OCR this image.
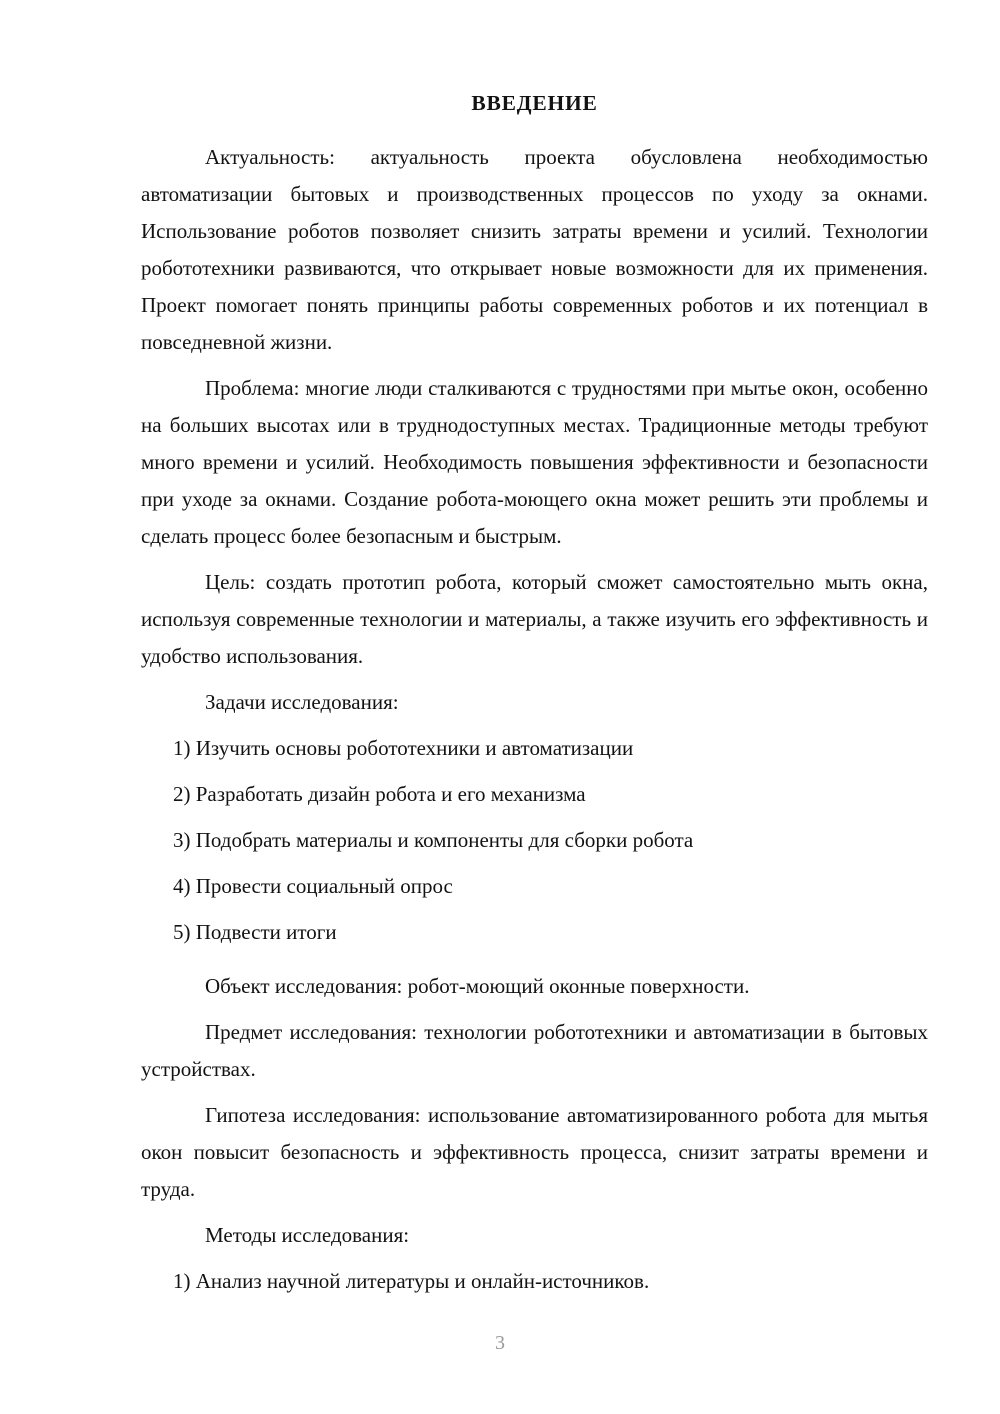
ВВЕДЕНИЕ

Актуальность: актуальность проекта обусловлена необходимостью автоматизации бытовых и производственных процессов по уходу за окнами. Использование роботов позволяет снизить затраты времени и усилий. Технологии робототехники развиваются, что открывает новые возможности для их применения. Проект помогает понять принципы работы современных роботов и их потенциал в повседневной жизни.

Проблема: многие люди сталкиваются с трудностями при мытье окон, особенно на больших высотах или в труднодоступных местах. Традиционные методы требуют много времени и усилий. Необходимость повышения эффективности и безопасности при уходе за окнами. Создание робота-моющего окна может решить эти проблемы и сделать процесс более безопасным и быстрым.

Цель: создать прототип робота, который сможет самостоятельно мыть окна, используя современные технологии и материалы, а также изучить его эффективность и удобство использования.

Задачи исследования:

1) Изучить основы робототехники и автоматизации
2) Разработать дизайн робота и его механизма
3) Подобрать материалы и компоненты для сборки робота
4) Провести социальный опрос
5) Подвести итоги

Объект исследования: робот-моющий оконные поверхности.

Предмет исследования: технологии робототехники и автоматизации в бытовых устройствах.

Гипотеза исследования: использование автоматизированного робота для мытья окон повысит безопасность и эффективность процесса, снизит затраты времени и труда.

Методы исследования:

1) Анализ научной литературы и онлайн-источников.
3
